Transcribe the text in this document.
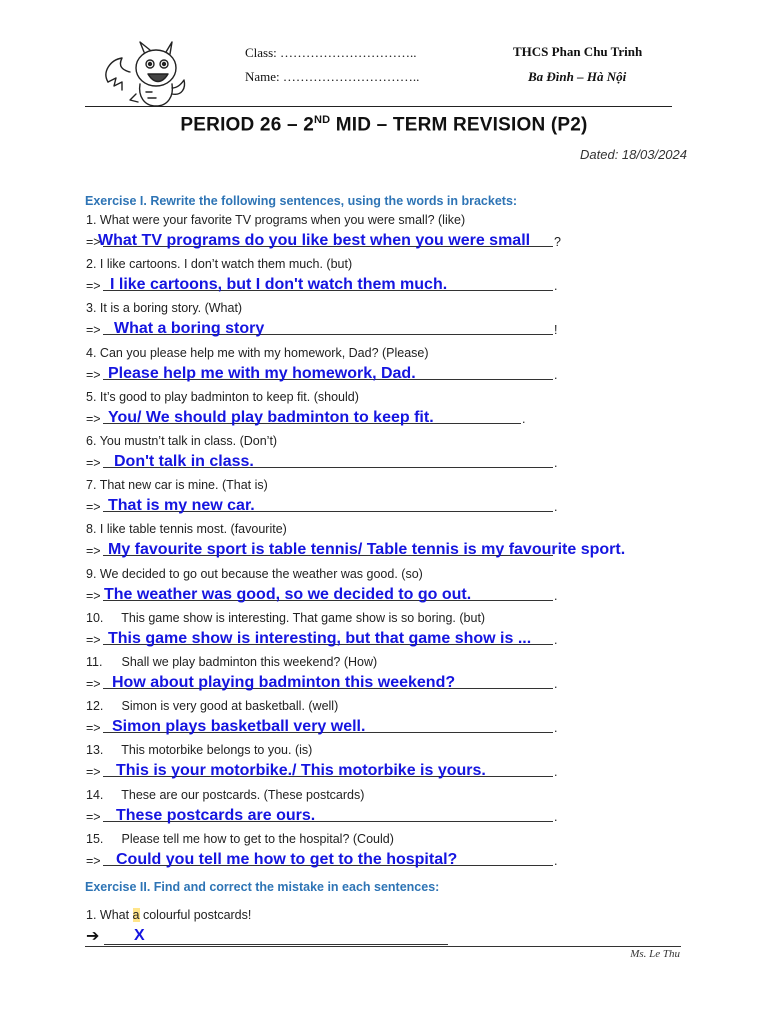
Class: …………………………..
Name: …………………………..
THCS Phan Chu Trinh
Ba Đình – Hà Nội
PERIOD 26 – 2ND MID – TERM REVISION (P2)
Dated: 18/03/2024
Exercise I. Rewrite the following sentences, using the words in brackets:
1. What were your favorite TV programs when you were small? (like)
=>	?
What TV programs do you like best when you were small
2. I like cartoons. I don’t watch them much. (but)
=>	.
I like cartoons, but I don't watch them much.
3. It is a boring story. (What)
=>	!
What a boring story
4. Can you please help me with my homework, Dad? (Please)
=>	.
Please help me with my homework, Dad.
5. It’s good to play badminton to keep fit. (should)
=>	.
You/ We should play badminton to keep fit.
6. You mustn’t talk in class. (Don’t)
=>	.
Don't talk in class.
7. That new car is mine. (That is)
=>	.
That is my new car.
8. I like table tennis most. (favourite)
=> My favourite sport is table tennis/ Table tennis is my favourite sport.
9. We decided to go out because the weather was good. (so)
=>	.
The weather was good, so we decided to go out.
10. This game show is interesting. That game show is so boring. (but)
=>	.
This game show is interesting, but that game show is ...
11. Shall we play badminton this weekend? (How)
=>	.
How about playing badminton this weekend?
12. Simon is very good at basketball. (well)
=>	.
Simon plays basketball very well.
13. This motorbike belongs to you. (is)
=>	.
This is your motorbike./ This motorbike is yours.
14. These are our postcards. (These postcards)
=>	.
These postcards are ours.
15. Please tell me how to get to the hospital? (Could)
=>	.
Could you tell me how to get to the hospital?
Exercise II. Find and correct the mistake in each sentences:
1. What a colourful postcards!
➔ X
Ms. Le Thu
